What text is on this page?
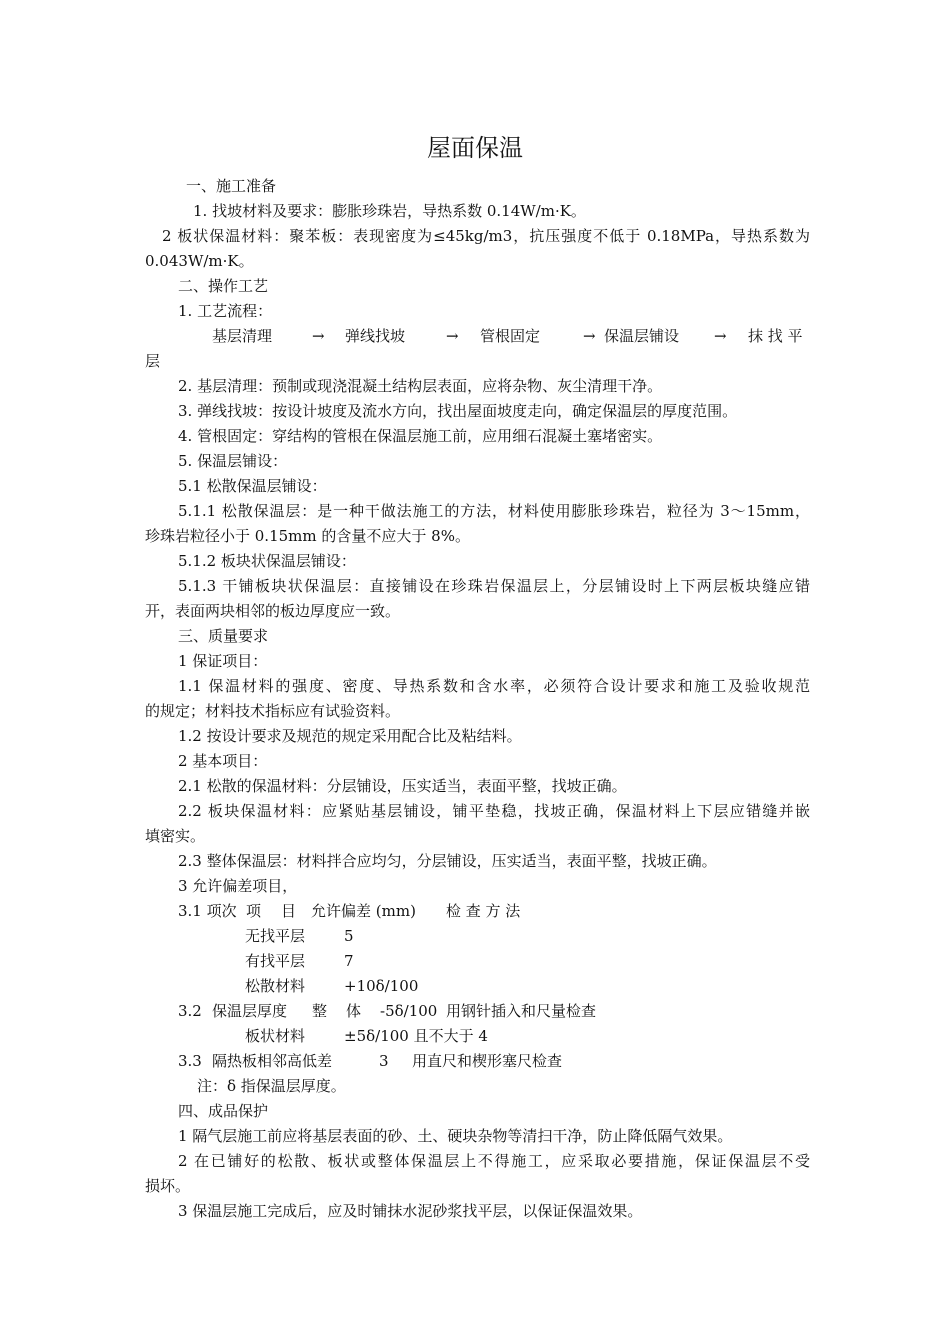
屋面保温
一、施工准备
1. 找坡材料及要求：膨胀珍珠岩，导热系数 0.14W/m·K。
2 板状保温材料：聚苯板：表现密度为≤45kg/m3，抗压强度不低于 0.18MPa，导热系数为
0.043W/m·K。
二、操作工艺
1. 工艺流程：
基层清理	→ 弹线找坡	→ 管根固定	→ 保温层铺设 → 抹 找 平
层
2. 基层清理：预制或现浇混凝土结构层表面，应将杂物、灰尘清理干净。
3. 弹线找坡：按设计坡度及流水方向，找出屋面坡度走向，确定保温层的厚度范围。
4. 管根固定：穿结构的管根在保温层施工前，应用细石混凝土塞堵密实。
5. 保温层铺设：
5.1 松散保温层铺设：
5.1.1 松散保温层：是一种干做法施工的方法，材料使用膨胀珍珠岩，粒径为 3～15mm，
珍珠岩粒径小于 0.15mm 的含量不应大于 8%。
5.1.2 板块状保温层铺设：
5.1.3 干铺板块状保温层：直接铺设在珍珠岩保温层上，分层铺设时上下两层板块缝应错
开，表面两块相邻的板边厚度应一致。
三、质量要求
1 保证项目：
1.1 保温材料的强度、密度、导热系数和含水率，必须符合设计要求和施工及验收规范
的规定；材料技术指标应有试验资料。
1.2 按设计要求及规范的规定采用配合比及粘结料。
2 基本项目：
2.1 松散的保温材料：分层铺设，压实适当，表面平整，找坡正确。
2.2 板块保温材料：应紧贴基层铺设，铺平垫稳，找坡正确，保温材料上下层应错缝并嵌
填密实。
2.3 整体保温层：材料拌合应均匀，分层铺设，压实适当，表面平整，找坡正确。
3 允许偏差项目，
3.1 项次 项 目 允许偏差 (mm) 检 查 方 法
无找平层	5
有找平层	7
松散材料	+10δ/100
3.2 保温层厚度 整 体 -5δ/100 用钢针插入和尺量检查
板状材料	±5δ/100 且不大于 4
3.3 隔热板相邻高低差	3 用直尺和楔形塞尺检查
注：δ 指保温层厚度。
四、成品保护
1 隔气层施工前应将基层表面的砂、土、硬块杂物等清扫干净，防止降低隔气效果。
2 在已铺好的松散、板状或整体保温层上不得施工，应采取必要措施，保证保温层不受
损坏。
3 保温层施工完成后，应及时铺抹水泥砂浆找平层，以保证保温效果。
